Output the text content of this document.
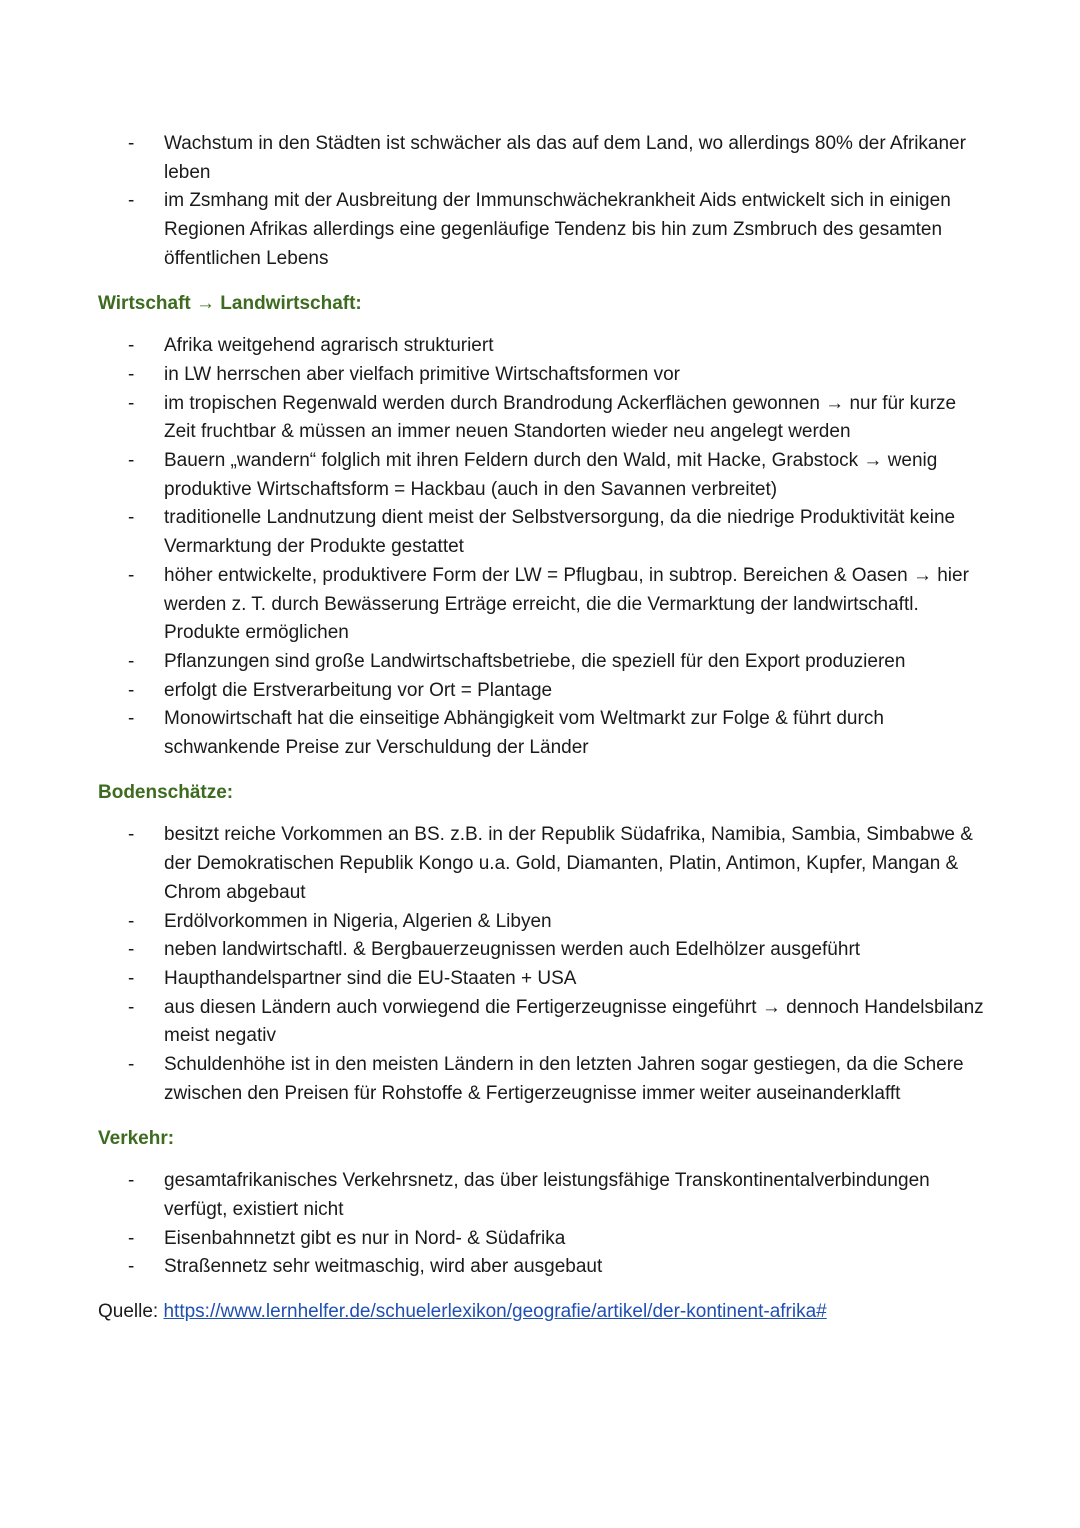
- Wachstum in den Städten ist schwächer als das auf dem Land, wo allerdings 80% der Afrikaner leben
- im Zsmhang mit der Ausbreitung der Immunschwächekrankheit Aids entwickelt sich in einigen Regionen Afrikas allerdings eine gegenläufige Tendenz bis hin zum Zsmbruch des gesamten öffentlichen Lebens
Wirtschaft → Landwirtschaft:
- Afrika weitgehend agrarisch strukturiert
- in LW herrschen aber vielfach primitive Wirtschaftsformen vor
- im tropischen Regenwald werden durch Brandrodung Ackerflächen gewonnen → nur für kurze Zeit fruchtbar & müssen an immer neuen Standorten wieder neu angelegt werden
- Bauern „wandern“ folglich mit ihren Feldern durch den Wald, mit Hacke, Grabstock → wenig produktive Wirtschaftsform = Hackbau (auch in den Savannen verbreitet)
- traditionelle Landnutzung dient meist der Selbstversorgung, da die niedrige Produktivität keine Vermarktung der Produkte gestattet
- höher entwickelte, produktivere Form der LW = Pflugbau, in subtrop. Bereichen & Oasen → hier werden z. T. durch Bewässerung Erträge erreicht, die die Vermarktung der landwirtschaftl. Produkte ermöglichen
- Pflanzungen sind große Landwirtschaftsbetriebe, die speziell für den Export produzieren
- erfolgt die Erstverarbeitung vor Ort = Plantage
- Monowirtschaft hat die einseitige Abhängigkeit vom Weltmarkt zur Folge & führt durch schwankende Preise zur Verschuldung der Länder
Bodenschätze:
- besitzt reiche Vorkommen an BS. z.B. in der Republik Südafrika, Namibia, Sambia, Simbabwe & der Demokratischen Republik Kongo u.a. Gold, Diamanten, Platin, Antimon, Kupfer, Mangan & Chrom abgebaut
- Erdölvorkommen in Nigeria, Algerien & Libyen
- neben landwirtschaftl. & Bergbauerzeugnissen werden auch Edelhölzer ausgeführt
- Haupthandelspartner sind die EU-Staaten + USA
- aus diesen Ländern auch vorwiegend die Fertigerzeugnisse eingeführt → dennoch Handelsbilanz meist negativ
- Schuldenhöhe ist in den meisten Ländern in den letzten Jahren sogar gestiegen, da die Schere zwischen den Preisen für Rohstoffe & Fertigerzeugnisse immer weiter auseinanderklafft
Verkehr:
- gesamtafrikanisches Verkehrsnetz, das über leistungsfähige Transkontinentalverbindungen verfügt, existiert nicht
- Eisenbahnnetzt gibt es nur in Nord- & Südafrika
- Straßennetz sehr weitmaschig, wird aber ausgebaut
Quelle: https://www.lernhelfer.de/schuelerlexikon/geografie/artikel/der-kontinent-afrika#
